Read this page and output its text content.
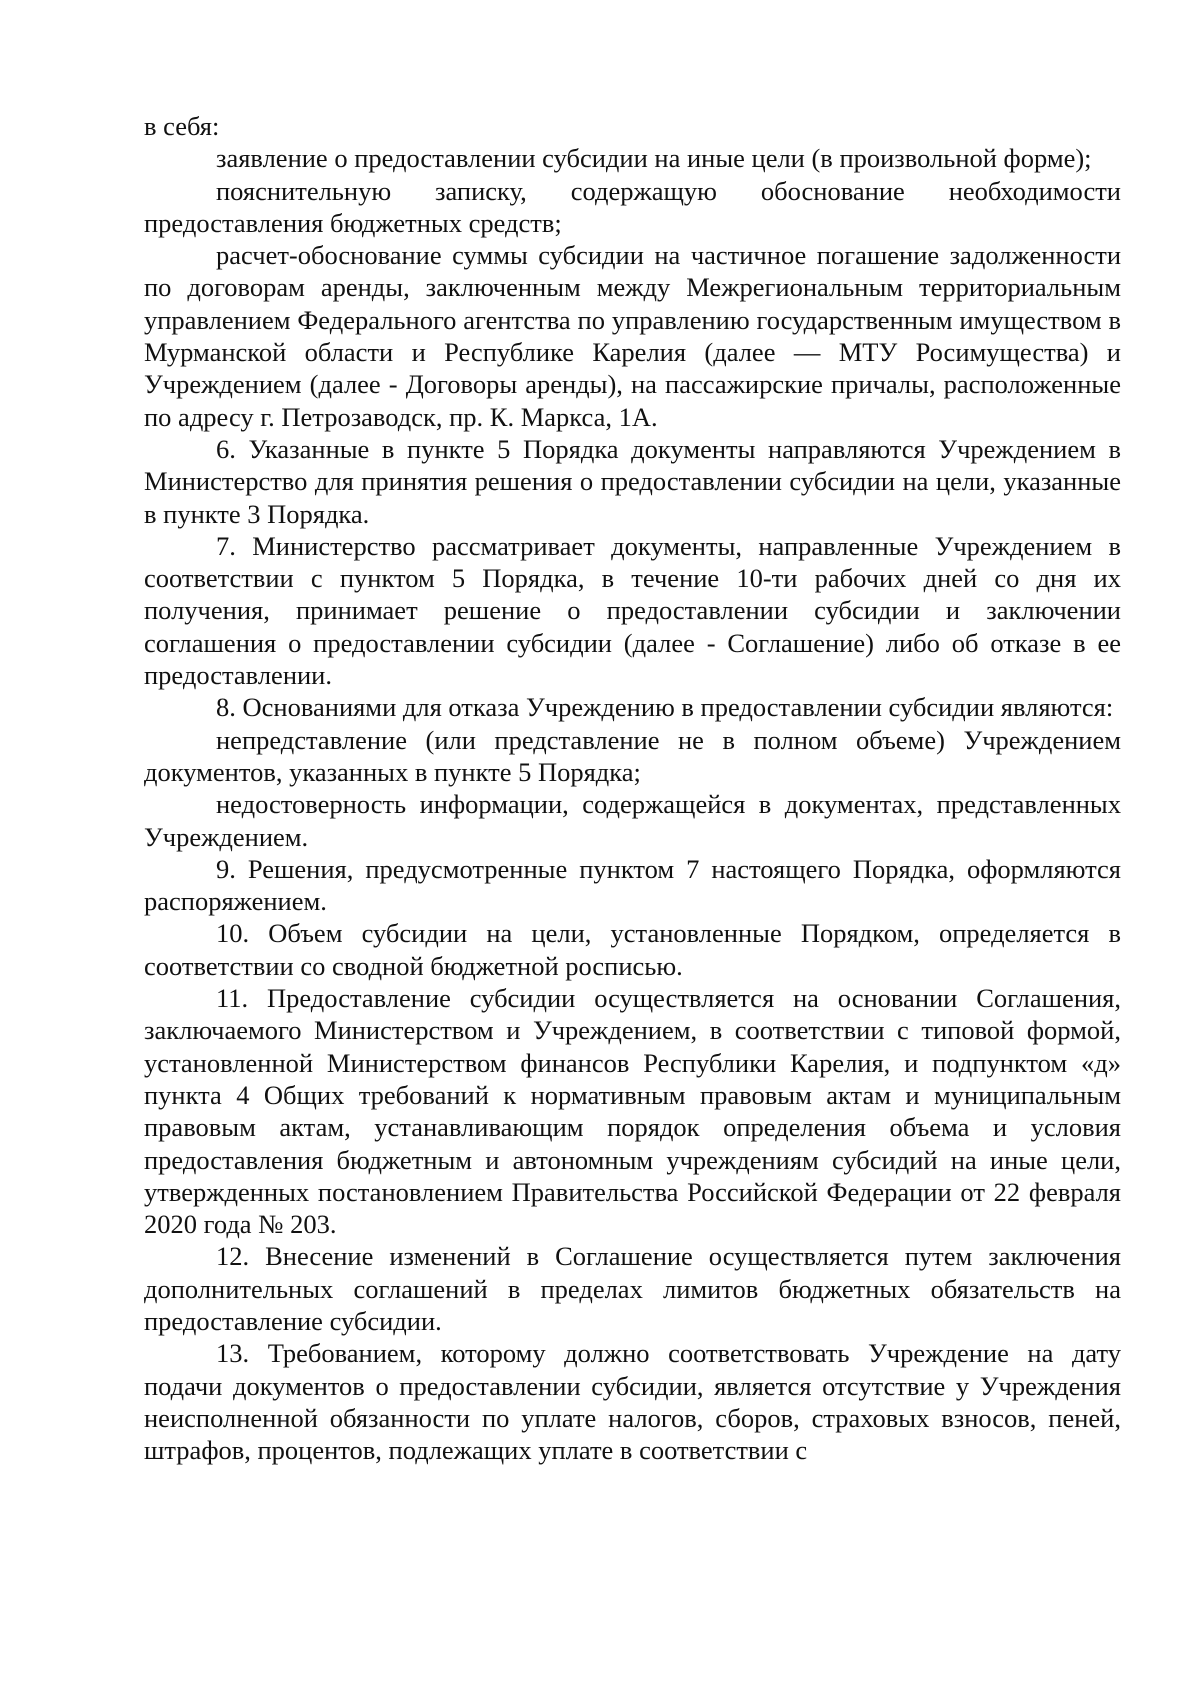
в себя:

заявление о предоставлении субсидии на иные цели (в произвольной форме);

пояснительную записку, содержащую обоснование необходимости предоставления бюджетных средств;

расчет-обоснование суммы субсидии на частичное погашение задолженности по договорам аренды, заключенным между Межрегиональным территориальным управлением Федерального агентства по управлению государственным имуществом в Мурманской области и Республике Карелия (далее — МТУ Росимущества) и Учреждением (далее - Договоры аренды), на пассажирские причалы, расположенные по адресу г. Петрозаводск, пр. К. Маркса, 1А.

6. Указанные в пункте 5 Порядка документы направляются Учреждением в Министерство для принятия решения о предоставлении субсидии на цели, указанные в пункте 3 Порядка.

7. Министерство рассматривает документы, направленные Учреждением в соответствии с пунктом 5 Порядка, в течение 10-ти рабочих дней со дня их получения, принимает решение о предоставлении субсидии и заключении соглашения о предоставлении субсидии (далее - Соглашение) либо об отказе в ее предоставлении.

8. Основаниями для отказа Учреждению в предоставлении субсидии являются:

непредставление (или представление не в полном объеме) Учреждением документов, указанных в пункте 5 Порядка;

недостоверность информации, содержащейся в документах, представленных Учреждением.

9. Решения, предусмотренные пунктом 7 настоящего Порядка, оформляются распоряжением.

10. Объем субсидии на цели, установленные Порядком, определяется в соответствии со сводной бюджетной росписью.

11. Предоставление субсидии осуществляется на основании Соглашения, заключаемого Министерством и Учреждением, в соответствии с типовой формой, установленной Министерством финансов Республики Карелия, и подпунктом «д» пункта 4 Общих требований к нормативным правовым актам и муниципальным правовым актам, устанавливающим порядок определения объема и условия предоставления бюджетным и автономным учреждениям субсидий на иные цели, утвержденных постановлением Правительства Российской Федерации от 22 февраля 2020 года № 203.

12. Внесение изменений в Соглашение осуществляется путем заключения дополнительных соглашений в пределах лимитов бюджетных обязательств на предоставление субсидии.

13. Требованием, которому должно соответствовать Учреждение на дату подачи документов о предоставлении субсидии, является отсутствие у Учреждения неисполненной обязанности по уплате налогов, сборов, страховых взносов, пеней, штрафов, процентов, подлежащих уплате в соответствии с
